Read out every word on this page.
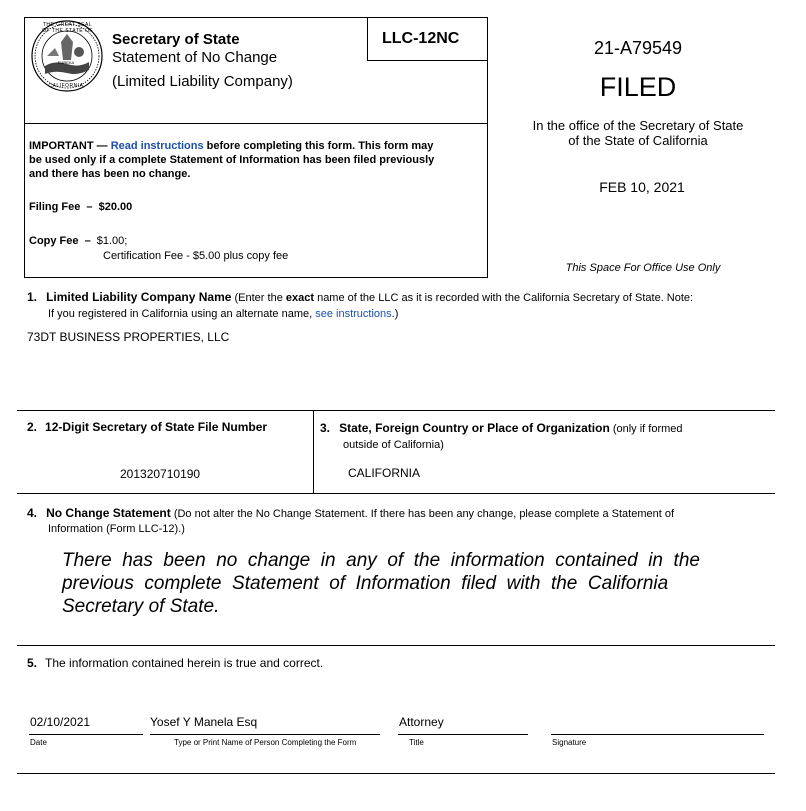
THE GREAT SEAL OF THE STATE OF
EUREKA
CALIFORNIA
Secretary of State
Statement of No Change
(Limited Liability Company)
LLC-12NC
IMPORTANT — Read instructions before completing this form. This form may
be used only if a complete Statement of Information has been filed previously
and there has been no change.
Filing Fee – $20.00
Copy Fee – $1.00;
Certification Fee - $5.00 plus copy fee
21-A79549
FILED
In the office of the Secretary of State
of the State of California
FEB 10, 2021
This Space For Office Use Only
1. Limited Liability Company Name (Enter the exact name of the LLC as it is recorded with the California Secretary of State. Note:
If you registered in California using an alternate name, see instructions.)
73DT BUSINESS PROPERTIES, LLC
2. 12-Digit Secretary of State File Number
201320710190
3. State, Foreign Country or Place of Organization (only if formed
outside of California)
CALIFORNIA
4. No Change Statement (Do not alter the No Change Statement. If there has been any change, please complete a Statement of
Information (Form LLC-12).)
There  has  been  no  change  in  any  of  the  information  contained  in  the
previous  complete  Statement  of  Information  filed  with  the  California
Secretary of State.
5. The information contained herein is true and correct.
02/10/2021
Date
Yosef Y Manela Esq
Type or Print Name of Person Completing the Form
Attorney
Title	Signature
